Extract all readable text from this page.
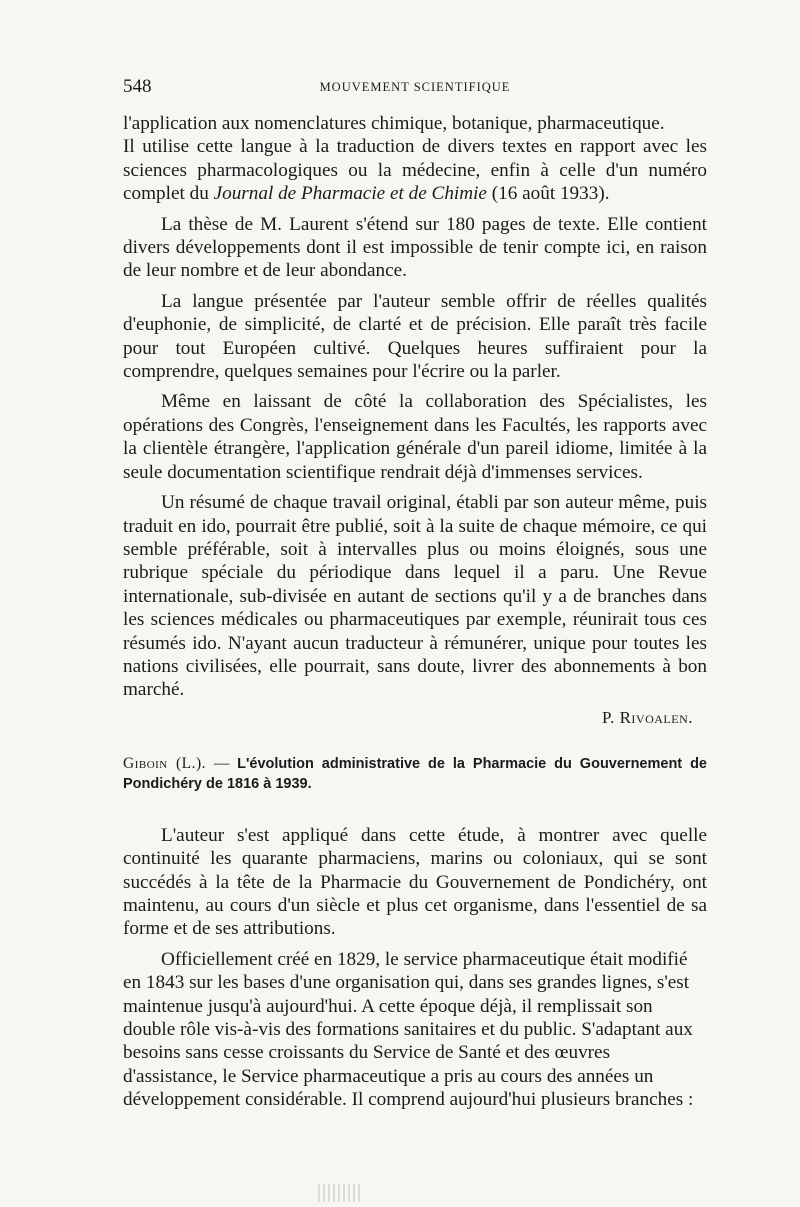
548	MOUVEMENT SCIENTIFIQUE

l'application aux nomenclatures chimique, botanique, pharmaceutique.

Il utilise cette langue à la traduction de divers textes en rapport avec les sciences pharmacologiques ou la médecine, enfin à celle d'un numéro complet du Journal de Pharmacie et de Chimie (16 août 1933).

La thèse de M. Laurent s'étend sur 180 pages de texte. Elle contient divers développements dont il est impossible de tenir compte ici, en raison de leur nombre et de leur abondance.

La langue présentée par l'auteur semble offrir de réelles qualités d'euphonie, de simplicité, de clarté et de précision. Elle paraît très facile pour tout Européen cultivé. Quelques heures suffiraient pour la comprendre, quelques semaines pour l'écrire ou la parler.

Même en laissant de côté la collaboration des Spécialistes, les opérations des Congrès, l'enseignement dans les Facultés, les rapports avec la clientèle étrangère, l'application générale d'un pareil idiome, limitée à la seule documentation scientifique rendrait déjà d'immenses services.

Un résumé de chaque travail original, établi par son auteur même, puis traduit en ido, pourrait être publié, soit à la suite de chaque mémoire, ce qui semble préférable, soit à intervalles plus ou moins éloignés, sous une rubrique spéciale du périodique dans lequel il a paru. Une Revue internationale, sub-divisée en autant de sections qu'il y a de branches dans les sciences médicales ou pharmaceutiques par exemple, réunirait tous ces résumés ido. N'ayant aucun traducteur à rémunérer, unique pour toutes les nations civilisées, elle pourrait, sans doute, livrer des abonnements à bon marché.

P. Rivoalen.
Giboin (L.). — L'évolution administrative de la Pharmacie du Gouvernement de Pondichéry de 1816 à 1939.

L'auteur s'est appliqué dans cette étude, à montrer avec quelle continuité les quarante pharmaciens, marins ou coloniaux, qui se sont succédés à la tête de la Pharmacie du Gouvernement de Pondichéry, ont maintenu, au cours d'un siècle et plus cet organisme, dans l'essentiel de sa forme et de ses attributions.

Officiellement créé en 1829, le service pharmaceutique était modifié en 1843 sur les bases d'une organisation qui, dans ses grandes lignes, s'est maintenue jusqu'à aujourd'hui. A cette époque déjà, il remplissait son double rôle vis-à-vis des formations sanitaires et du public. S'adaptant aux besoins sans cesse croissants du Service de Santé et des œuvres d'assistance, le Service pharmaceutique a pris au cours des années un développement considérable. Il comprend aujourd'hui plusieurs branches :
